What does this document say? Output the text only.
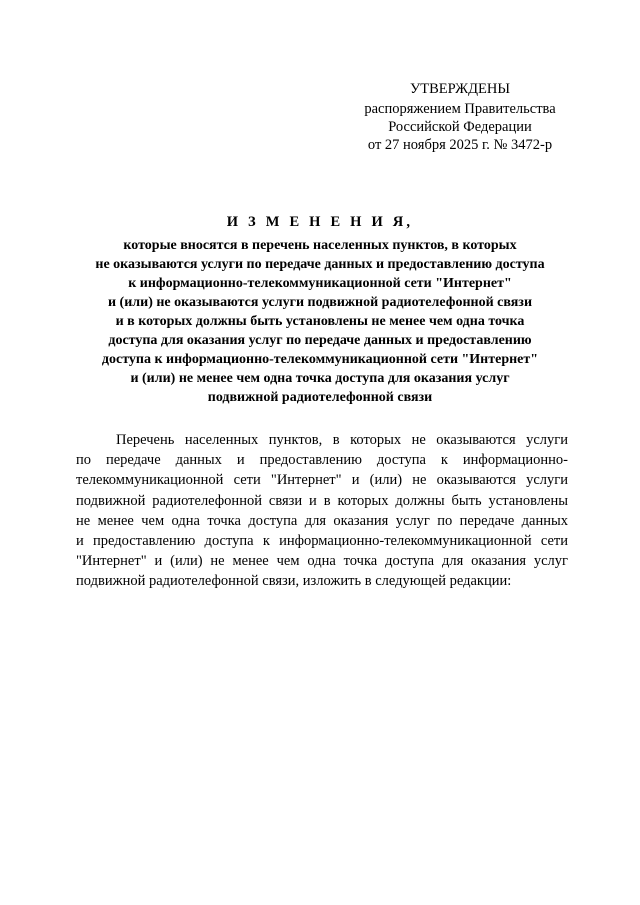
УТВЕРЖДЕНЫ
распоряжением Правительства
Российской Федерации
от 27 ноября 2025 г. № 3472-р
И З М Е Н Е Н И Я,
которые вносятся в перечень населенных пунктов, в которых
не оказываются услуги по передаче данных и предоставлению доступа
к информационно-телекоммуникационной сети "Интернет"
и (или) не оказываются услуги подвижной радиотелефонной связи
и в которых должны быть установлены не менее чем одна точка
доступа для оказания услуг по передаче данных и предоставлению
доступа к информационно-телекоммуникационной сети "Интернет"
и (или) не менее чем одна точка доступа для оказания услуг
подвижной радиотелефонной связи
Перечень населенных пунктов, в которых не оказываются услуги
по передаче данных и предоставлению доступа к информационно-
телекоммуникационной сети "Интернет" и (или) не оказываются услуги
подвижной радиотелефонной связи и в которых должны быть установлены
не менее чем одна точка доступа для оказания услуг по передаче данных
и предоставлению доступа к информационно-телекоммуникационной сети
"Интернет" и (или) не менее чем одна точка доступа для оказания услуг
подвижной радиотелефонной связи, изложить в следующей редакции:
